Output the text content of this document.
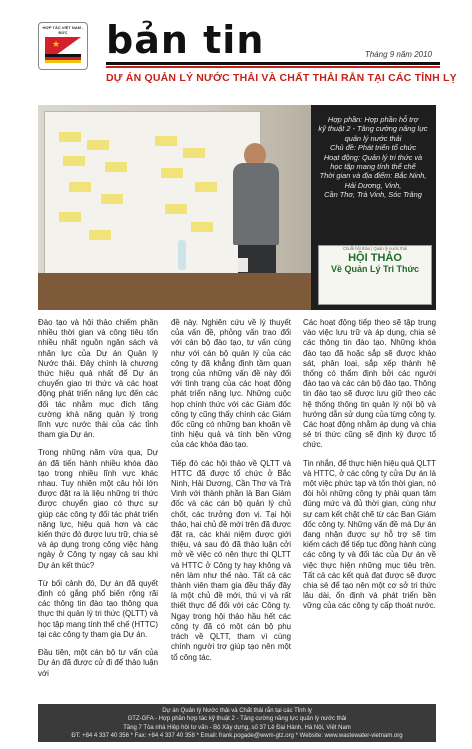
HỢP TÁC VIỆT NAM - ĐỨC
★ bản tin	Tháng 9 năm 2010
DỰ ÁN QUẢN LÝ NƯỚC THẢI VÀ CHẤT THẢI RẮN TẠI CÁC TỈNH LỴ
Hợp phần: Hợp phần hỗ trợ
kỹ thuật 2 - Tăng cường năng lực
quản lý nước thải
Chủ đề: Phát triển tổ chức
Hoạt động: Quản lý tri thức và
học tập mang tính thể chế
Thời gian và địa điểm: Bắc Ninh,
Hải Dương, Vinh,
Cần Thơ, Trà Vinh, Sóc Trăng
Chuỗi hội thảo | Quản lý nước thải
HỘI THẢO
Về Quản Lý Tri Thức

Đào tạo và hội thảo chiếm phần nhiều thời gian và công tiêu tốn nhiều nhất nguồn ngân sách và nhân lực của Dự án Quản lý Nước thải. Đây chính là chương thức hiệu quả nhất để Dự án chuyển giao tri thức và các hoạt động phát triển năng lực đến các đối tác nhằm mục đích tăng cường khả năng quản lý trong lĩnh vực nước thải của các tỉnh tham gia Dự án.

Trong những năm vừa qua, Dự án đã tiến hành nhiều khóa đào tạo trong nhiều lĩnh vực khác nhau. Tuy nhiên một câu hỏi lớn được đặt ra là liệu những tri thức được chuyển giao có thực sự giúp các công ty đối tác phát triển năng lực, hiệu quả hơn và các kiến thức đó được lưu trữ, chia sẻ và áp dụng trong công việc hàng ngày ở Công ty ngay cả sau khi Dự án kết thúc?

Từ bối cảnh đó, Dự án đã quyết định có gắng phổ biến rộng rãi các thông tin đào tạo thông qua thực thi quản lý tri thức (QLTT) và học tập mang tính thể chế (HTTC) tại các công ty tham gia Dự án.

Đầu tiên, một cán bộ tư vấn của Dự án đã được cử đi để thảo luận với

đề này. Nghiên cứu về lý thuyết của vấn đề, phỏng vấn trao đổi với cán bộ đào tạo, tư vấn cùng như với cán bộ quản lý của các công ty đã khẳng định tầm quan trọng của những vấn đề này đối với tình trạng của các hoạt động phát triển năng lực. Những cuộc họp chính thức với các Giám đốc công ty cũng thấy chính các Giám đốc cũng có những ban khoăn về tính hiệu quả và tính bền vững của các khóa đào tạo.

Tiếp đó các hội thảo về QLTT và HTTC đã được tổ chức ở Bắc Ninh, Hải Dương, Cần Thơ và Trà Vinh với thành phần là Ban Giám đốc và các cán bộ quản lý chủ chốt, các trưởng đơn vị. Tại hội thảo, hai chủ đề mới trên đã được đặt ra, các khái niệm được giới thiệu, và sau đó đã thảo luận cởi mở về việc có nên thực thi QLTT và HTTC ở Công ty hay không và nên làm như thế nào. Tất cả các thành viên tham gia đều thấy đây là một chủ đề mới, thú vị và rất thiết thực để đối với các Công ty. Ngay trong hội thảo hầu hết các công ty đã có một cán bộ phụ trách về QLTT, tham vì cùng chính người trợ giúp tạo nên một tổ công tác.

Các hoạt động tiếp theo sẽ tập trung vào việc lưu trữ và áp dụng, chia sẻ các thông tin đào tạo. Những khóa đào tạo đã hoặc sắp sẽ được khảo sát, phân loại, sắp xếp thành hệ thống có thẩm định bởi các người đào tạo và các cán bộ đào tạo. Thông tin đào tạo sẽ được lưu giữ theo các hệ thống thông tin quản lý nội bộ và hướng dẫn sử dụng của từng công ty. Các hoạt động nhằm áp dụng và chia sẻ tri thức cũng sẽ định kỳ được tổ chức.

Tin nhắn, để thực hiện hiệu quả QLTT và HTTC, ở các công ty cửa Dự án là một việc phức tạp và tốn thời gian, nó đòi hỏi những công ty phải quan tâm đúng mức và đủ thời gian, cùng như sự cam kết chặt chẽ từ các Ban Giám đốc công ty. Những vấn đề mà Dự án đang nhận được sự hỗ trợ sẽ tìm kiếm cách để tiếp tục đồng hành cùng các công ty và đối tác của Dự án về việc thực hiện những mục tiêu trên. Tất cả các kết quả đạt được sẽ được chia sẻ để tạo nên một cơ sở tri thức lâu dài, ổn định và phát triển bền vững của các công ty cấp thoát nước.

Dự án Quản lý Nước thải và Chất thải rắn tại các Tỉnh lỵ
GTZ-GFA - Hợp phần hợp tác kỹ thuật 2 - Tăng cường năng lực quản lý nước thải
Tầng 7 Tòa nhà Hiệp hội tư vấn - Bộ Xây dựng, số 37 Lê Đại Hành, Hà Nội, Việt Nam
ĐT: +84 4 337 40 356 * Fax: +84 4 337 40 358 * Email: frank.pogade@wwm-gtz.org * Website: www.wastewater-vietnam.org
